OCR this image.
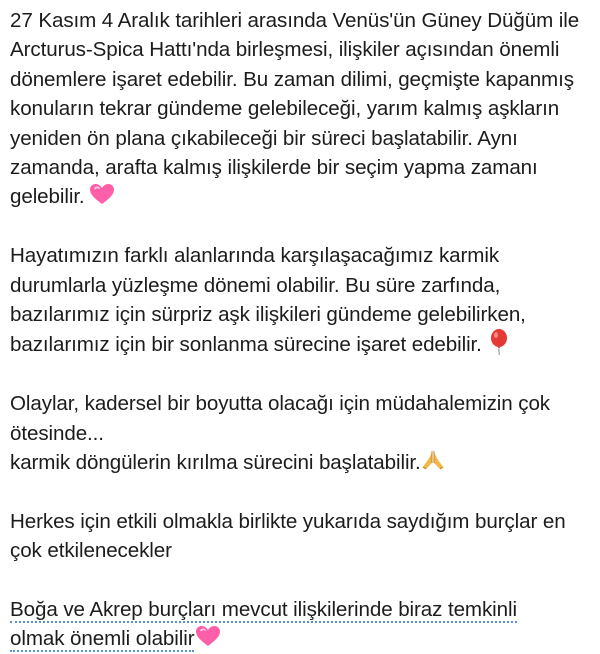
27 Kasım 4 Aralık tarihleri arasında Venüs'ün Güney Düğüm ile
Arcturus-Spica Hattı'nda birleşmesi, ilişkiler açısından önemli
dönemlere işaret edebilir. Bu zaman dilimi, geçmişte kapanmış
konuların tekrar gündeme gelebileceği, yarım kalmış aşkların
yeniden ön plana çıkabileceği bir süreci başlatabilir. Aynı
zamanda, arafta kalmış ilişkilerde bir seçim yapma zamanı
gelebilir.
Hayatımızın farklı alanlarında karşılaşacağımız karmik
durumlarla yüzleşme dönemi olabilir. Bu süre zarfında,
bazılarımız için sürpriz aşk ilişkileri gündeme gelebilirken,
bazılarımız için bir sonlanma sürecine işaret edebilir.
Olaylar, kadersel bir boyutta olacağı için müdahalemizin çok
ötesinde...
karmik döngülerin kırılma sürecini başlatabilir.
Herkes için etkili olmakla birlikte yukarıda saydığım burçlar en
çok etkilenecekler
Boğa ve Akrep burçları mevcut ilişkilerinde biraz temkinli
olmak önemli olabilir
